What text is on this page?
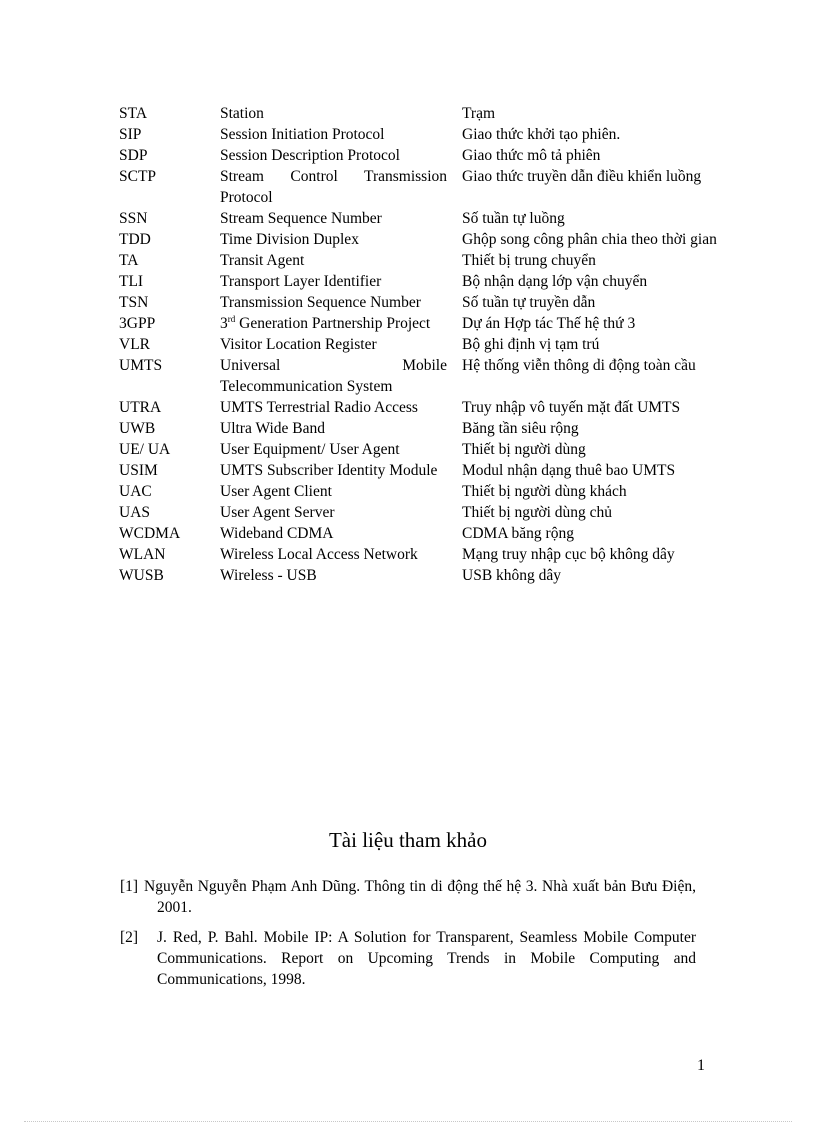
STA	Station	Trạm
SIP	Session Initiation Protocol	Giao thức khởi tạo phiên.
SDP	Session Description Protocol	Giao thức mô tả phiên
SCTP	Stream Control Transmission Protocol	Giao thức truyền dẫn điều khiển luồng
SSN	Stream Sequence Number	Số tuần tự luồng
TDD	Time Division Duplex	Ghộp song công phân chia theo thời gian
TA	Transit Agent	Thiết bị trung chuyển
TLI	Transport Layer Identifier	Bộ nhận dạng lớp vận chuyển
TSN	Transmission Sequence Number	Số tuần tự truyền dẫn
3GPP	3rd Generation Partnership Project	Dự án Hợp tác Thế hệ thứ 3
VLR	Visitor Location Register	Bộ ghi định vị tạm trú
UMTS	Universal Mobile Telecommunication System	Hệ thống viễn thông di động toàn cầu
UTRA	UMTS Terrestrial Radio Access	Truy nhập vô tuyến mặt đất UMTS
UWB	Ultra Wide Band	Băng tần siêu rộng
UE/ UA	User Equipment/ User Agent	Thiết bị người dùng
USIM	UMTS Subscriber Identity Module	Modul nhận dạng thuê bao UMTS
UAC	User Agent Client	Thiết bị người dùng khách
UAS	User Agent Server	Thiết bị người dùng chủ
WCDMA	Wideband CDMA	CDMA băng rộng
WLAN	Wireless Local Access Network	Mạng truy nhập cục bộ không dây
WUSB	Wireless - USB	USB không dây
Tài liệu tham khảo
[1] Nguyễn Nguyễn Phạm Anh Dũng. Thông tin di động thế hệ 3. Nhà xuất bản Bưu Điện, 2001.
[2]	J. Red, P. Bahl. Mobile IP: A Solution for Transparent, Seamless Mobile Computer Communications. Report on Upcoming Trends in Mobile Computing and Communications, 1998.
1
